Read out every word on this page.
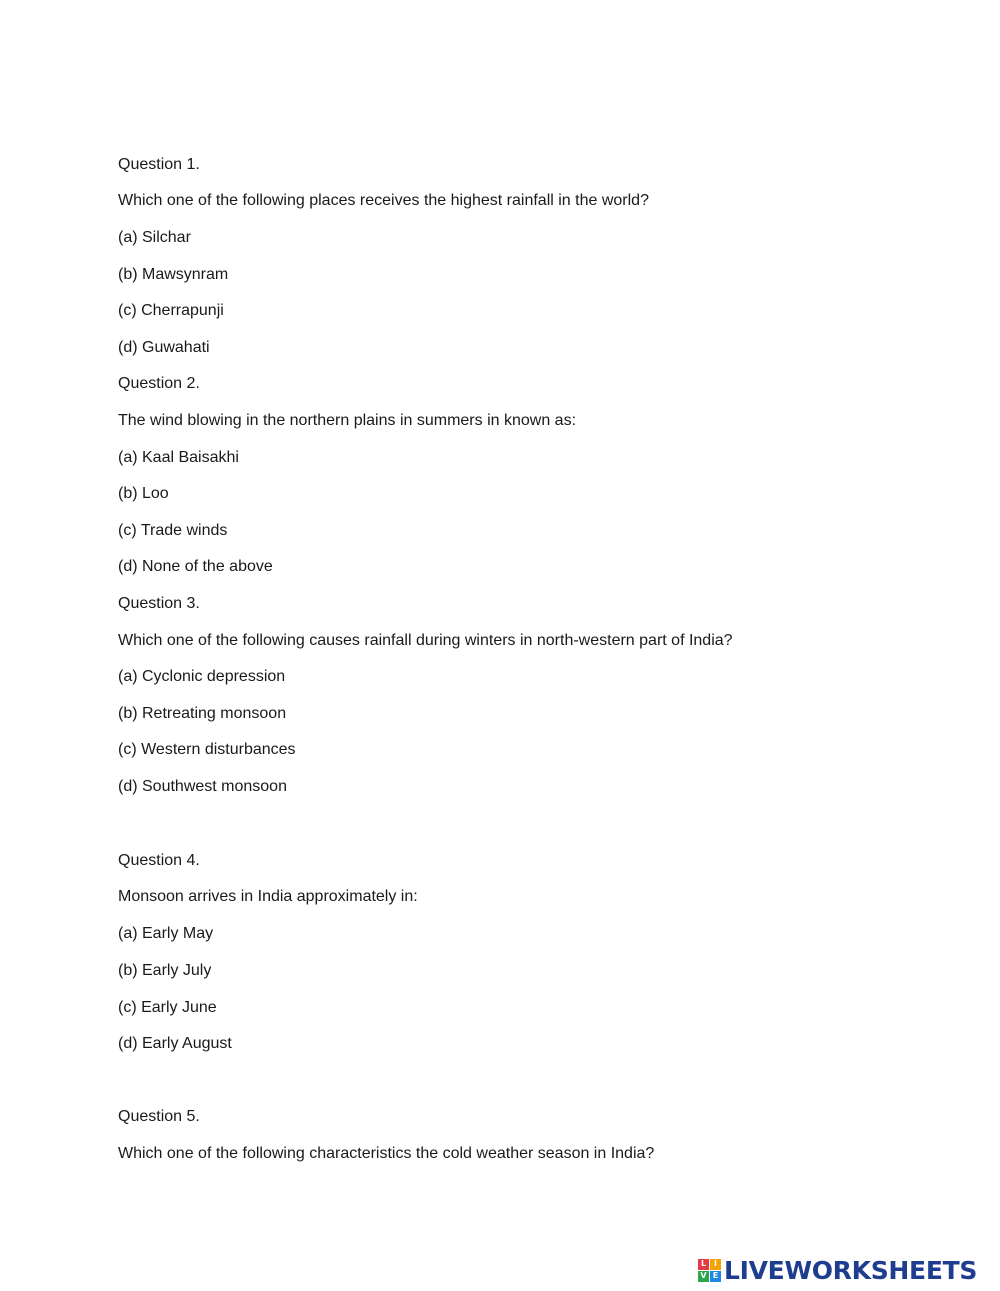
Question 1.
Which one of the following places receives the highest rainfall in the world?
(a) Silchar
(b) Mawsynram
(c) Cherrapunji
(d) Guwahati
Question 2.
The wind blowing in the northern plains in summers in known as:
(a) Kaal Baisakhi
(b) Loo
(c) Trade winds
(d) None of the above
Question 3.
Which one of the following causes rainfall during winters in north-western part of India?
(a) Cyclonic depression
(b) Retreating monsoon
(c) Western disturbances
(d) Southwest monsoon
Question 4.
Monsoon arrives in India approximately in:
(a) Early May
(b) Early July
(c) Early June
(d) Early August
Question 5.
Which one of the following characteristics the cold weather season in India?
L I
V E LIVEWORKSHEETS
